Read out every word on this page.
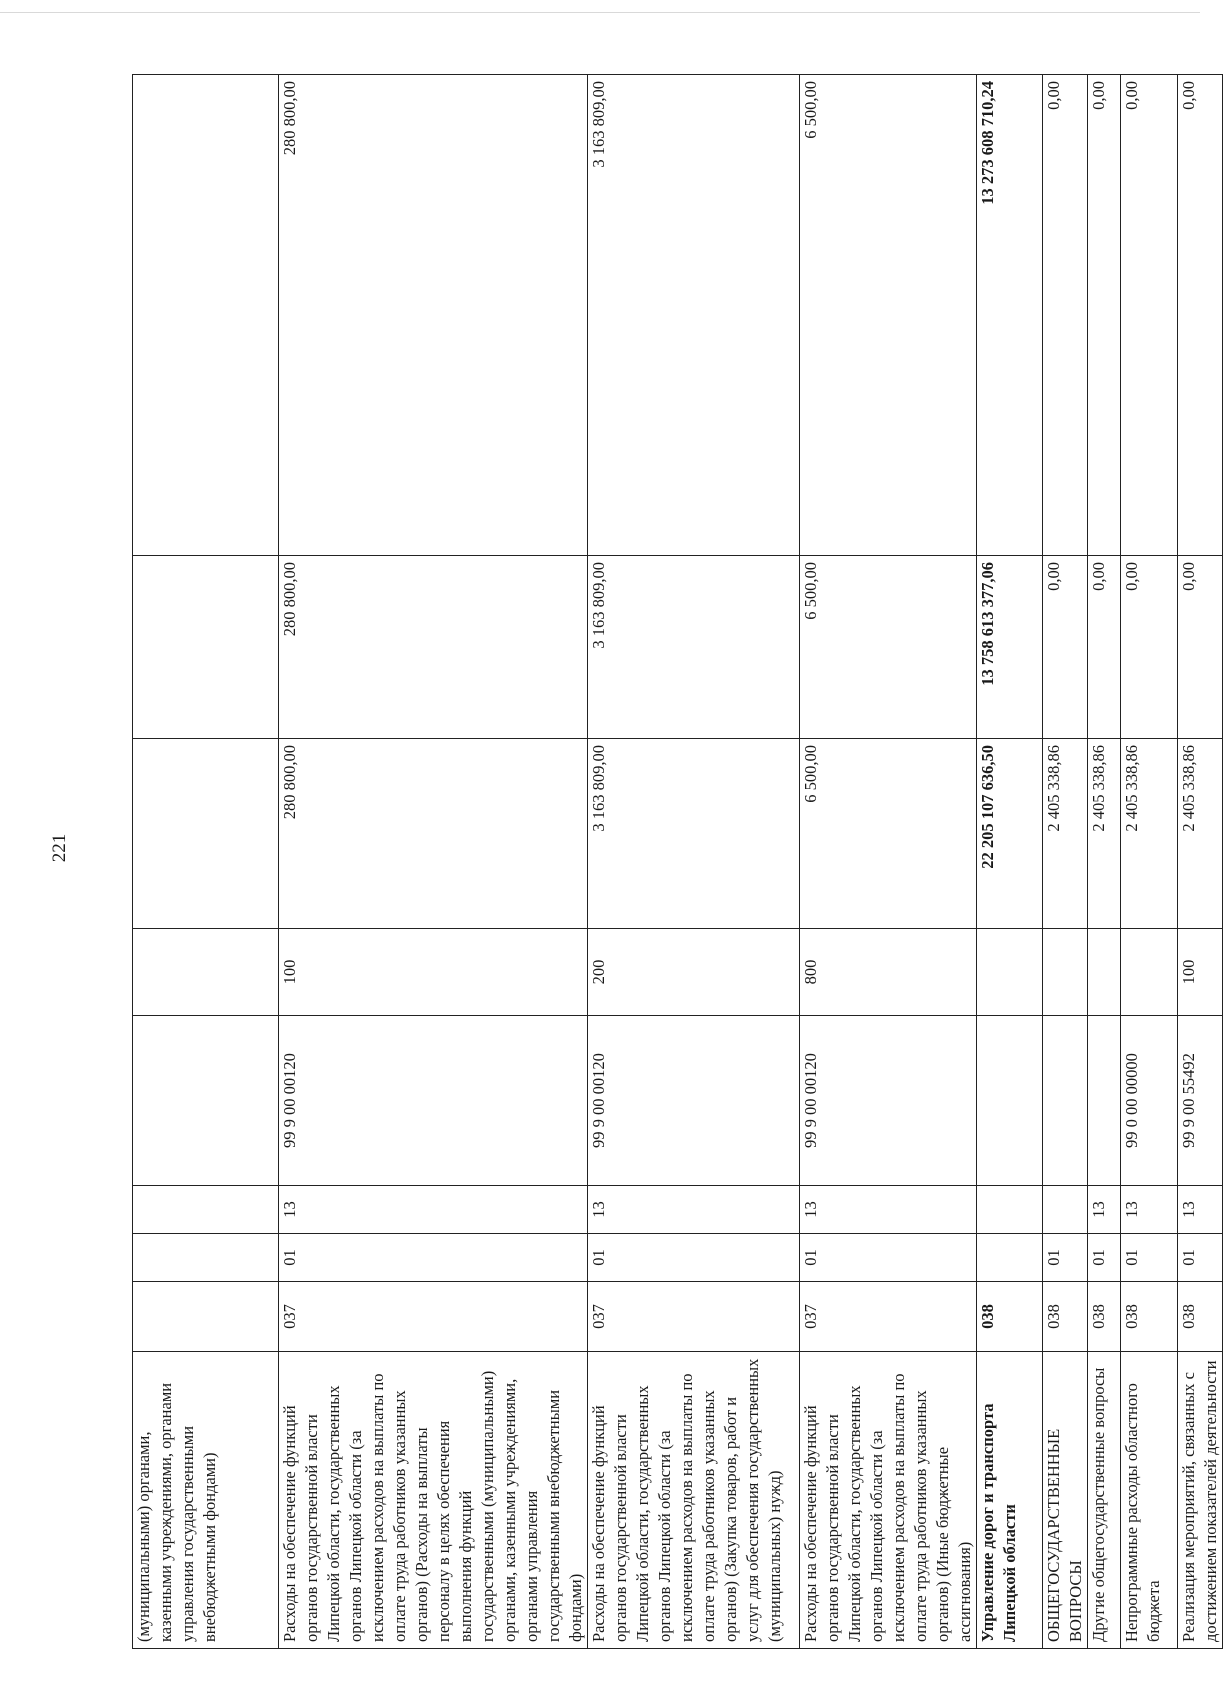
221
(муниципальными) органами, казенными учреждениями, органами управления государственными внебюджетными фондами)								
Расходы на обеспечение функций органов государственной власти Липецкой области, государственных органов Липецкой области (за исключением расходов на выплаты по оплате труда работников указанных органов) (Расходы на выплаты персоналу в целях обеспечения выполнения функций государственными (муниципальными) органами, казенными учреждениями, органами управления государственными внебюджетными фондами)	037	01	13	99 9 00 00120	100	280 800,00	280 800,00	280 800,00
Расходы на обеспечение функций органов государственной власти Липецкой области, государственных органов Липецкой области (за исключением расходов на выплаты по оплате труда работников указанных органов) (Закупка товаров, работ и услуг для обеспечения государственных (муниципальных) нужд)	037	01	13	99 9 00 00120	200	3 163 809,00	3 163 809,00	3 163 809,00
Расходы на обеспечение функций органов государственной власти Липецкой области, государственных органов Липецкой области (за исключением расходов на выплаты по оплате труда работников указанных органов) (Иные бюджетные ассигнования)	037	01	13	99 9 00 00120	800	6 500,00	6 500,00	6 500,00
Управление дорог и транспорта Липецкой области	038					22 205 107 636,50	13 758 613 377,06	13 273 608 710,24
ОБЩЕГОСУДАРСТВЕННЫЕ ВОПРОСЫ	038	01				2 405 338,86	0,00	0,00
Другие общегосударственные вопросы	038	01	13			2 405 338,86	0,00	0,00
Непрограммные расходы областного бюджета	038	01	13	99 0 00 00000		2 405 338,86	0,00	0,00
Реализация мероприятий, связанных с достижением показателей деятельности	038	01	13	99 9 00 55492	100	2 405 338,86	0,00	0,00
